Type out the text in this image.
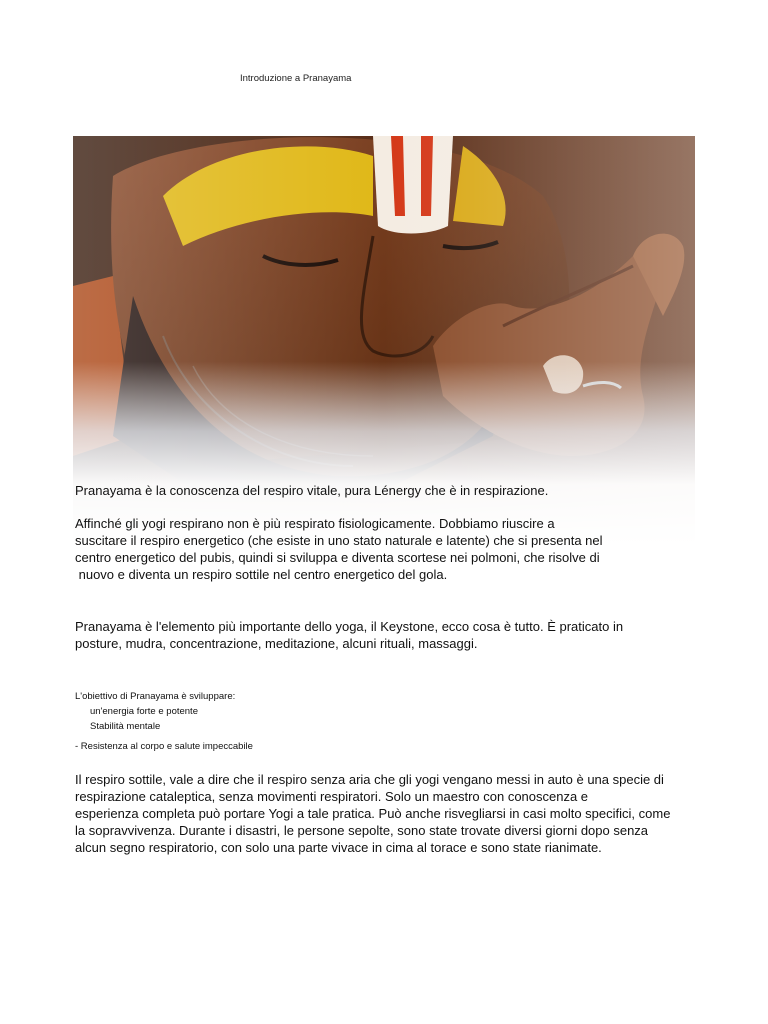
Introduzione a Pranayama
Pranayama è la conoscenza del respiro vitale, pura Lénergy che è in respirazione.
Affinché gli yogi respirano non è più respirato fisiologicamente. Dobbiamo riuscire a
suscitare il respiro energetico (che esiste in uno stato naturale e latente) che si presenta nel
centro energetico del pubis, quindi si sviluppa e diventa scortese nei polmoni, che risolve di
nuovo e diventa un respiro sottile nel centro energetico del gola.
Pranayama è l'elemento più importante dello yoga, il Keystone, ecco cosa è tutto. È praticato in
posture, mudra, concentrazione, meditazione, alcuni rituali, massaggi.
L'obiettivo di Pranayama è sviluppare:
un'energia forte e potente
Stabilità mentale
- Resistenza al corpo e salute impeccabile
Il respiro sottile, vale a dire che il respiro senza aria che gli yogi vengano messi in auto è una specie di
respirazione cataleptica, senza movimenti respiratori. Solo un maestro con conoscenza e
esperienza completa può portare Yogi a tale pratica. Può anche risvegliarsi in casi molto specifici, come
la sopravvivenza. Durante i disastri, le persone sepolte, sono state trovate diversi giorni dopo senza
alcun segno respiratorio, con solo una parte vivace in cima al torace e sono state rianimate.
